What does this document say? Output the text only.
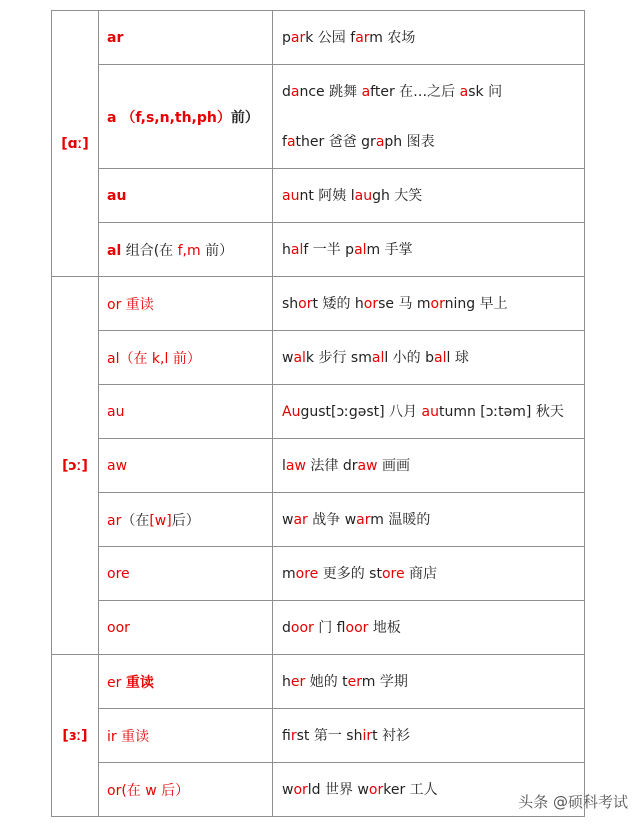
[ɑː]	ar	park 公园 farm 农场

	a （f,s,n,th,ph）前）	dance 跳舞 after 在…之后 ask 问
father 爸爸 graph 图表

	au	aunt 阿姨 laugh 大笑

	al 组合(在 f,m 前）	half 一半 palm 手掌

[ɔː]	or 重读	short 矮的 horse 马 morning 早上

	al（在 k,l 前）	walk 步行 small 小的 ball 球

	au	August[ɔːgəst] 八月 autumn [ɔːtəm] 秋天

	aw	law 法律 draw 画画

	ar（在[w]后）	war 战争 warm 温暖的

	ore	more 更多的 store 商店

	oor	door 门 floor 地板

[ɜː]	er 重读	her 她的 term 学期

	ir 重读	first 第一 shirt 衬衫

	or(在 w 后）	world 世界 worker 工人
头条 @硕科考试
